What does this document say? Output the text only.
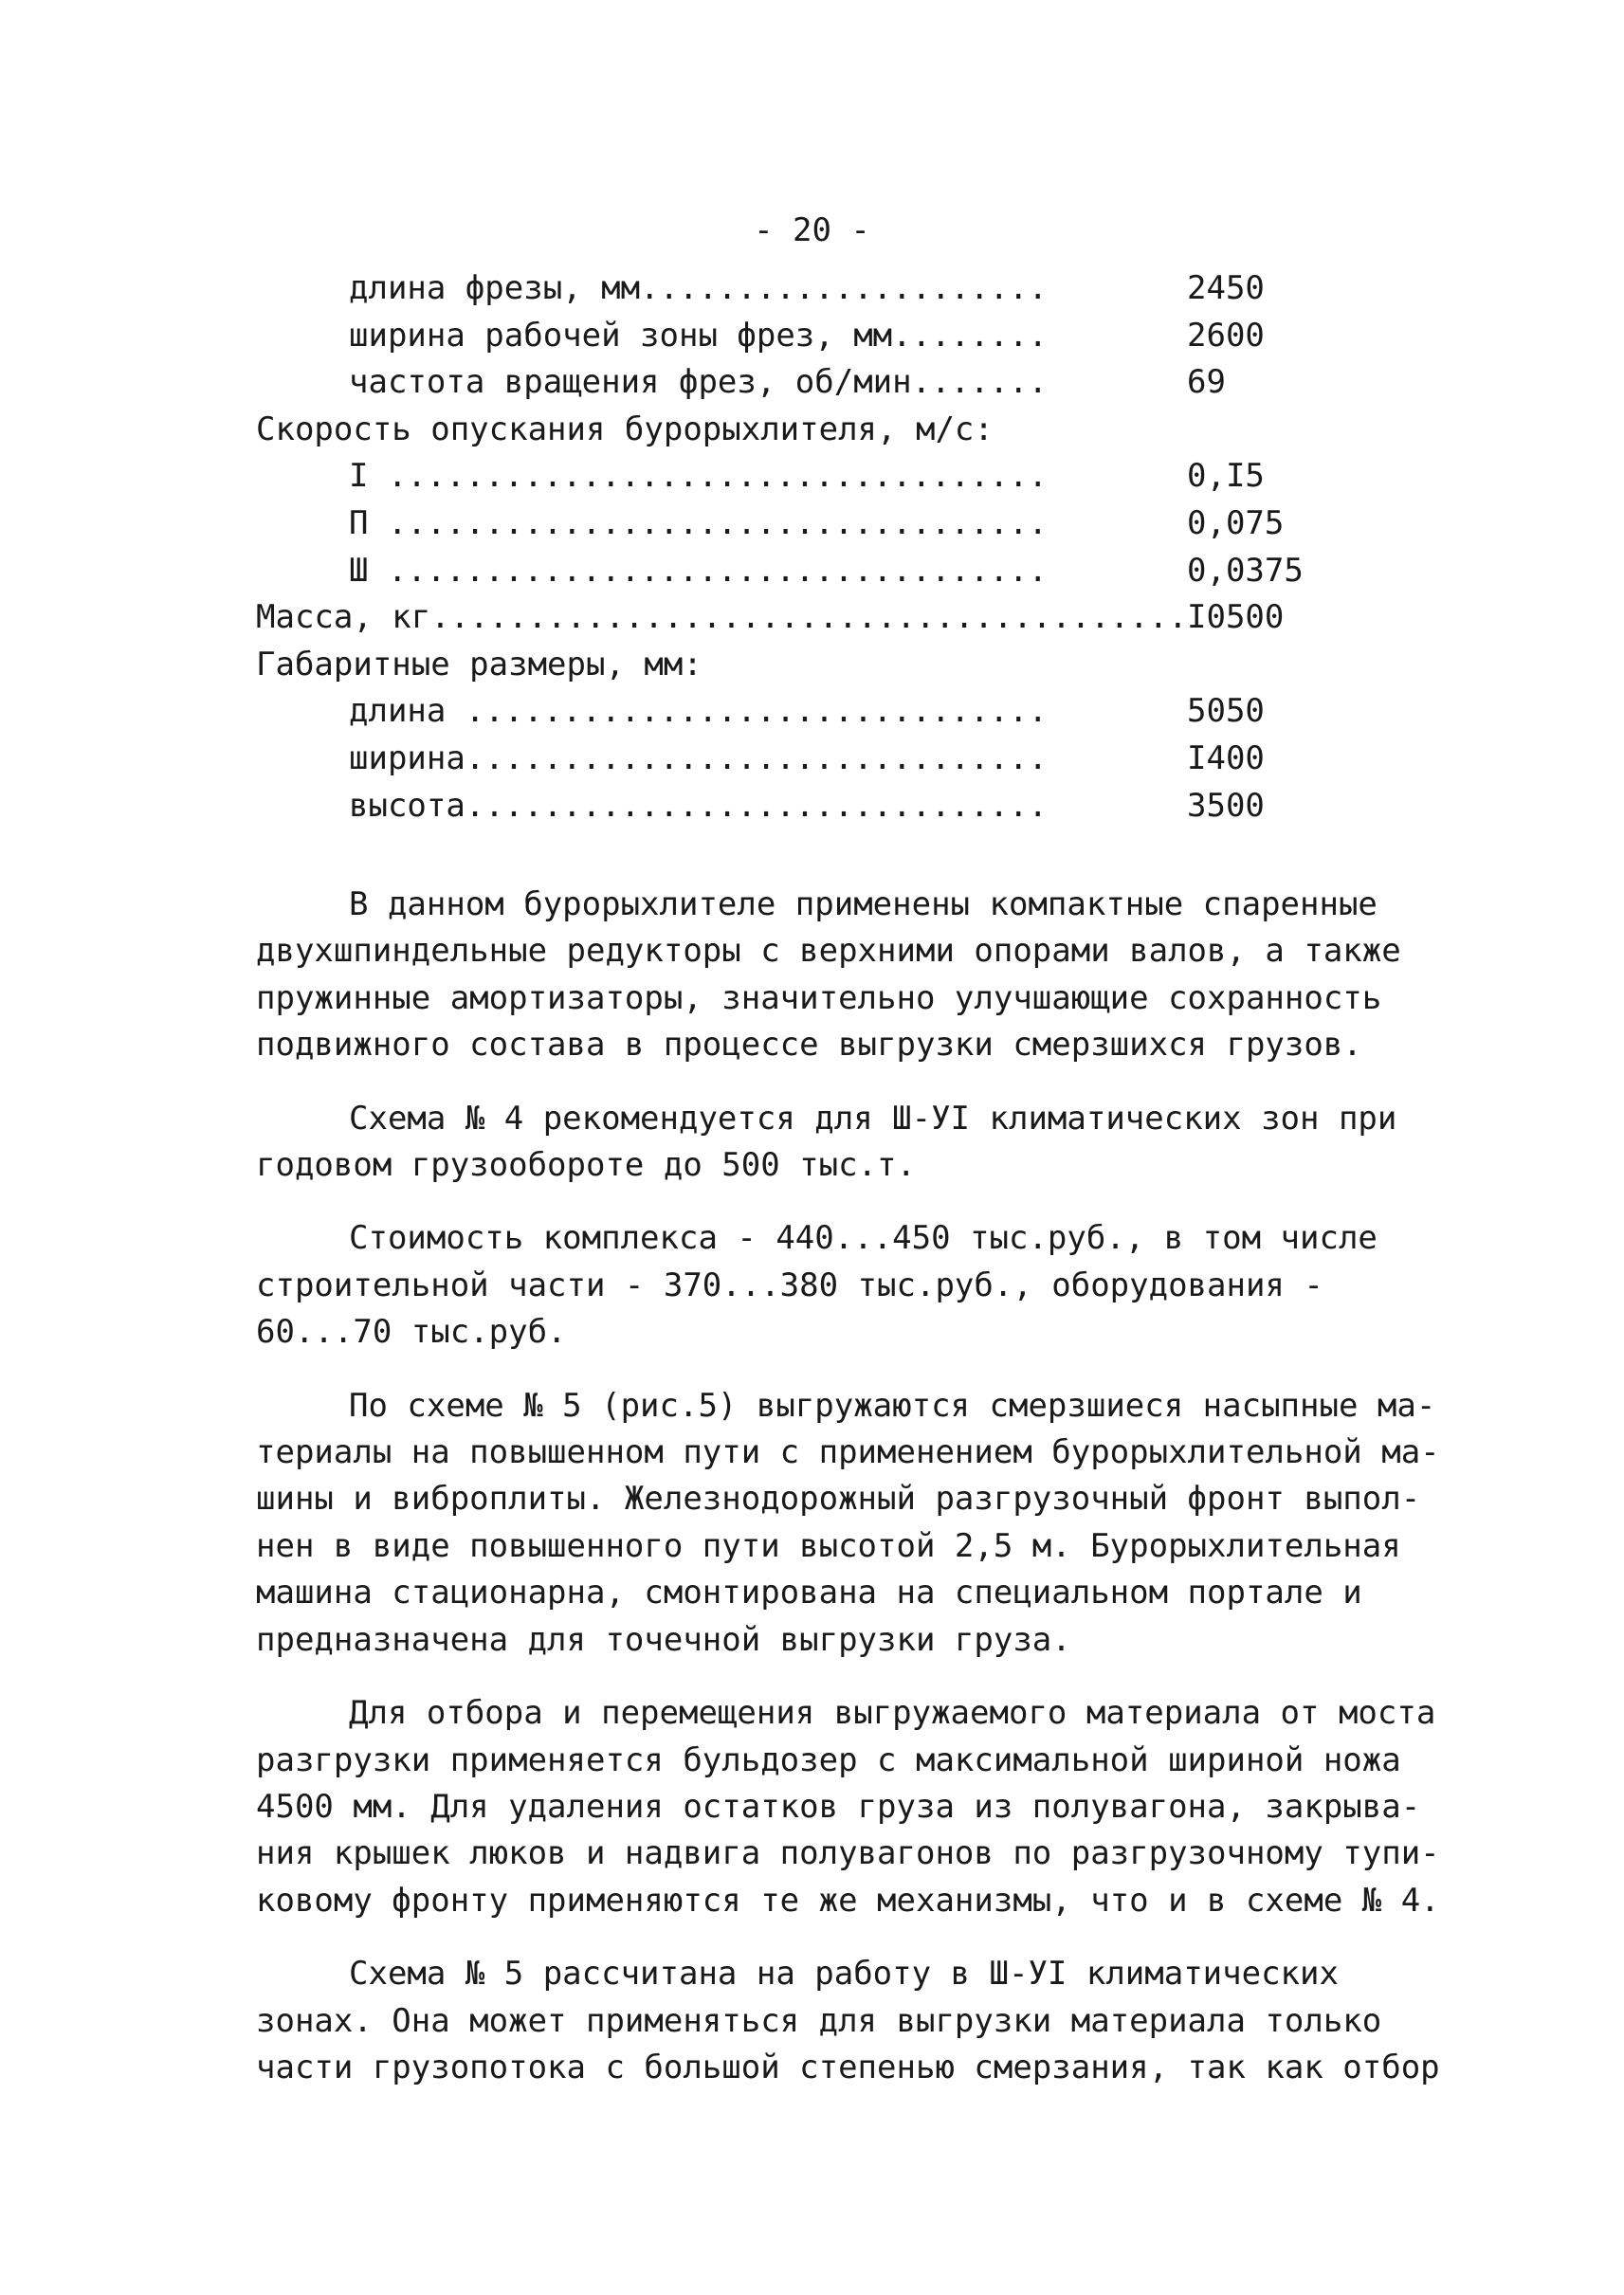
- 20 -
длина фрезы, мм.....................	2450
ширина рабочей зоны фрез, мм........	2600
частота вращения фрез, об/мин.......	69
Скорость опускания бурорыхлителя, м/с:
I ..................................	0,I5
П ..................................	0,075
Ш ..................................	0,0375
Масса, кг....................................... I0500
Габаритные размеры, мм:
длина ..............................	5050
ширина..............................	I400
высота..............................	3500

В данном бурорыхлителе применены компактные спаренные
двухшпиндельные редукторы с верхними опорами валов, а также
пружинные амортизаторы, значительно улучшающие сохранность
подвижного состава в процессе выгрузки смерзшихся грузов.

Схема № 4 рекомендуется для Ш-УI климатических зон при
годовом грузообороте до 500 тыс.т.

Стоимость комплекса - 440...450 тыс.руб., в том числе
строительной части - 370...380 тыс.руб., оборудования -
60...70 тыс.руб.

По схеме № 5 (рис.5) выгружаются смерзшиеся насыпные ма-
териалы на повышенном пути с применением бурорыхлительной ма-
шины и виброплиты. Железнодорожный разгрузочный фронт выпол-
нен в виде повышенного пути высотой 2,5 м. Бурорыхлительная
машина стационарна, смонтирована на специальном портале и
предназначена для точечной выгрузки груза.

Для отбора и перемещения выгружаемого материала от моста
разгрузки применяется бульдозер с максимальной шириной ножа
4500 мм. Для удаления остатков груза из полувагона, закрыва-
ния крышек люков и надвига полувагонов по разгрузочному тупи-
ковому фронту применяются те же механизмы, что и в схеме № 4.

Схема № 5 рассчитана на работу в Ш-УI климатических
зонах. Она может применяться для выгрузки материала только
части грузопотока с большой степенью смерзания, так как отбор
